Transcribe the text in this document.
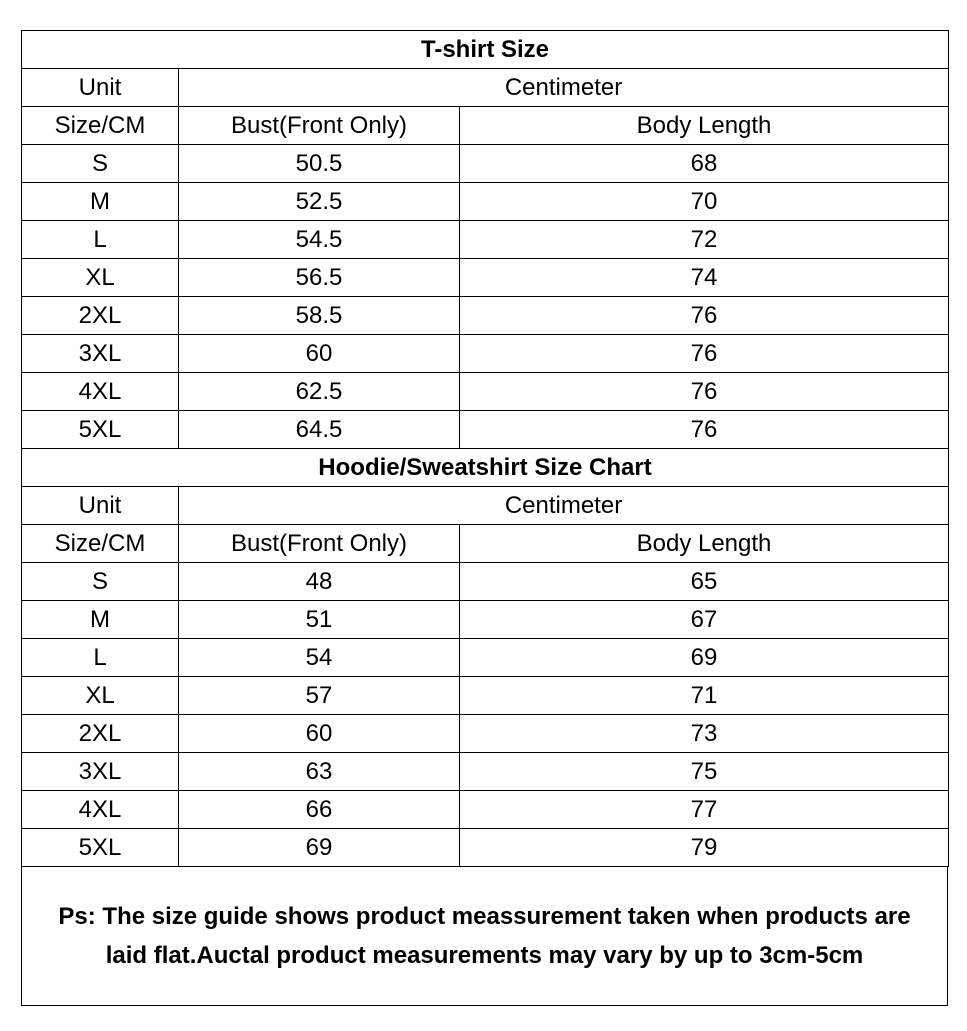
T-shirt Size		
Unit	Centimeter	
Size/CM	Bust(Front Only)	Body Length
S	50.5	68
M	52.5	70
L	54.5	72
XL	56.5	74
2XL	58.5	76
3XL	60	76
4XL	62.5	76
5XL	64.5	76
Hoodie/Sweatshirt Size Chart		
Unit	Centimeter	
Size/CM	Bust(Front Only)	Body Length
S	48	65
M	51	67
L	54	69
XL	57	71
2XL	60	73
3XL	63	75
4XL	66	77
5XL	69	79
Ps: The size guide shows product meassurement taken when products are
laid flat.Auctal product measurements may vary by up to 3cm-5cm
